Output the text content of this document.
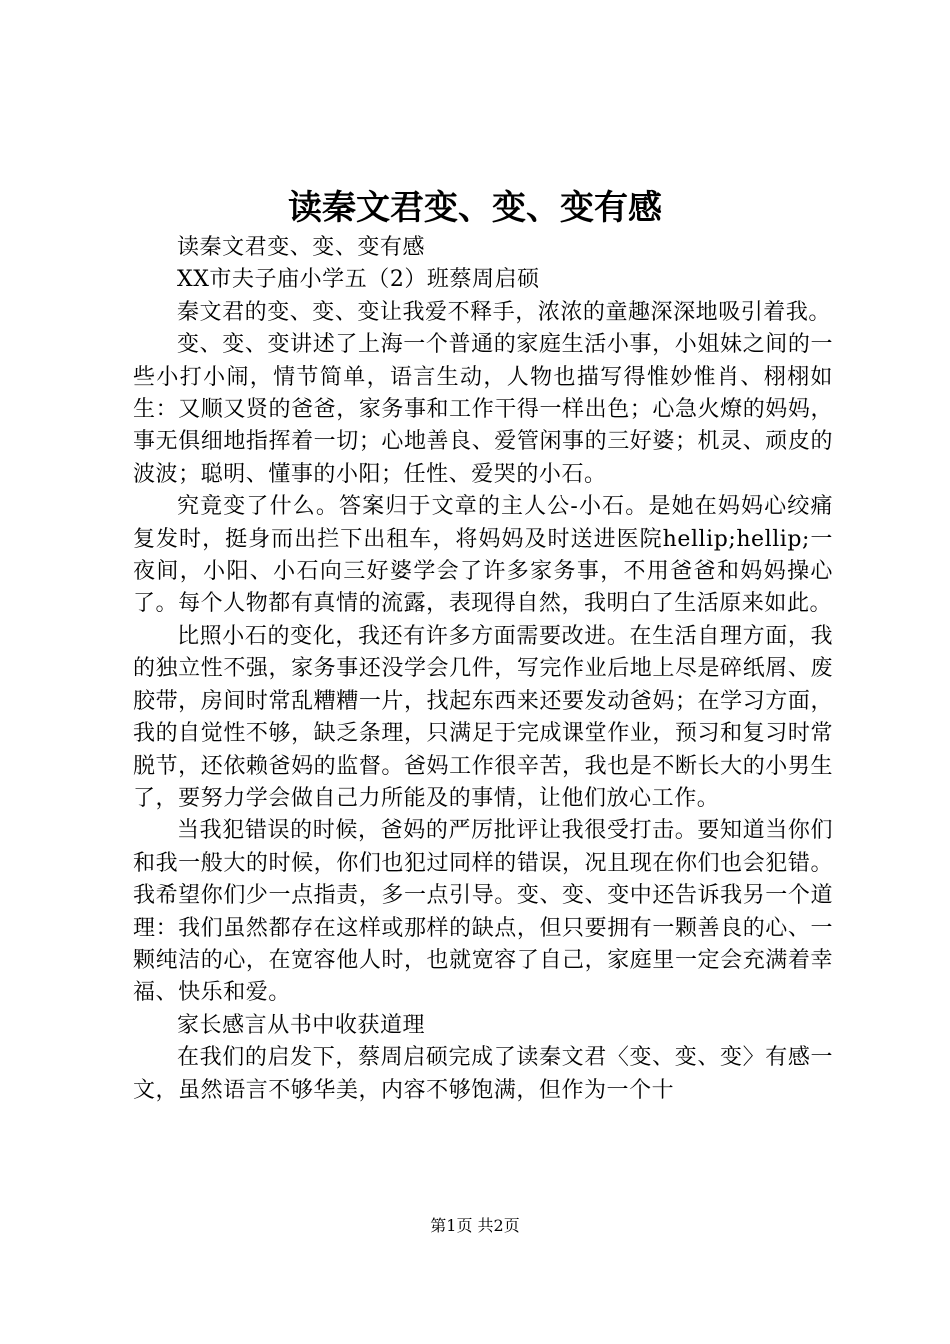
读秦文君变、变、变有感

读秦文君变、变、变有感

XX市夫子庙小学五（2）班蔡周启硕

秦文君的变、变、变让我爱不释手，浓浓的童趣深深地吸引着我。

变、变、变讲述了上海一个普通的家庭生活小事，小姐妹之间的一些小打小闹，情节简单，语言生动，人物也描写得惟妙惟肖、栩栩如生：又顺又贤的爸爸，家务事和工作干得一样出色；心急火燎的妈妈，事无俱细地指挥着一切；心地善良、爱管闲事的三好婆；机灵、顽皮的波波；聪明、懂事的小阳；任性、爱哭的小石。

究竟变了什么。答案归于文章的主人公-小石。是她在妈妈心绞痛复发时，挺身而出拦下出租车，将妈妈及时送进医院hellip;hellip;一夜间，小阳、小石向三好婆学会了许多家务事，不用爸爸和妈妈操心了。每个人物都有真情的流露，表现得自然，我明白了生活原来如此。

比照小石的变化，我还有许多方面需要改进。在生活自理方面，我的独立性不强，家务事还没学会几件，写完作业后地上尽是碎纸屑、废胶带，房间时常乱糟糟一片，找起东西来还要发动爸妈；在学习方面，我的自觉性不够，缺乏条理，只满足于完成课堂作业，预习和复习时常脱节，还依赖爸妈的监督。爸妈工作很辛苦，我也是不断长大的小男生了，要努力学会做自己力所能及的事情，让他们放心工作。

当我犯错误的时候，爸妈的严厉批评让我很受打击。要知道当你们和我一般大的时候，你们也犯过同样的错误，况且现在你们也会犯错。我希望你们少一点指责，多一点引导。变、变、变中还告诉我另一个道理：我们虽然都存在这样或那样的缺点，但只要拥有一颗善良的心、一颗纯洁的心，在宽容他人时，也就宽容了自己，家庭里一定会充满着幸福、快乐和爱。

家长感言从书中收获道理

在我们的启发下，蔡周启硕完成了读秦文君〈变、变、变〉有感一文，虽然语言不够华美，内容不够饱满，但作为一个十

第1页 共2页
